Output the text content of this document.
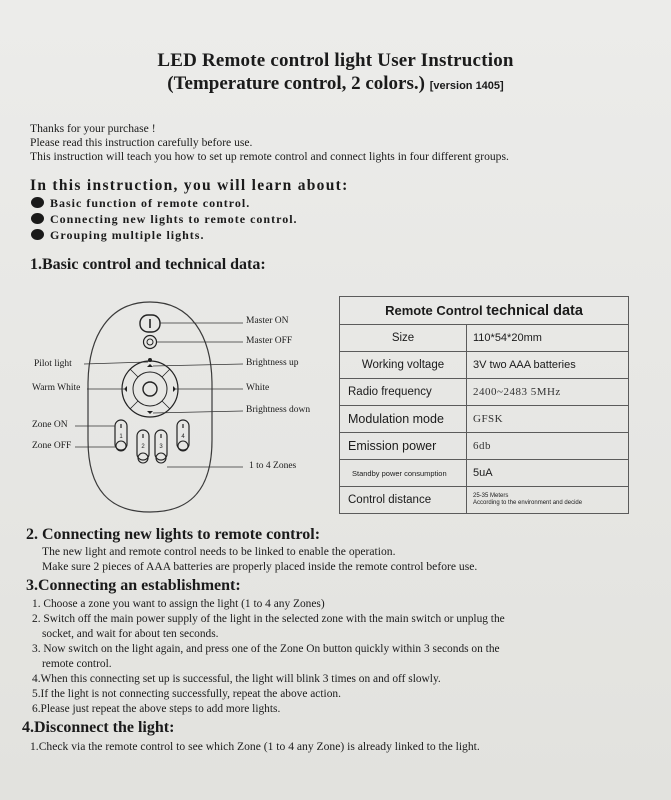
LED Remote control light User Instruction
(Temperature control, 2 colors.) [version 1405]
Thanks for your purchase !
Please read this instruction carefully before use.
This instruction will teach you how to set up remote control and connect lights in four different groups.
In this instruction, you will learn about:
Basic function of remote control.
Connecting new lights to remote control.
Grouping multiple lights.
1.Basic control and technical data:
1
2 3
4
Master ON
Master OFF
Pilot light	Brightness up
Warm White	White
Brightness down
Zone ON
Zone OFF
1 to 4 Zones
Remote Control technical data	
Size	110*54*20mm
Working voltage	3V two AAA batteries
Radio frequency	2400~2483 5MHz
Modulation mode	GFSK
Emission power	6db
Standby power consumption	5uA
Control distance	25-35 Meters
According to the environment and decide
2. Connecting new lights to remote control:
The new light and remote control needs to be linked to enable the operation.
Make sure 2 pieces of AAA batteries are properly placed inside the remote control before use.
3.Connecting an establishment:
1. Choose a zone you want to assign the light (1 to 4 any Zones)
2. Switch off the main power supply of the light in the selected zone with the main switch or unplug the
socket, and wait for about ten seconds.
3. Now switch on the light again, and press one of the Zone On button quickly within 3 seconds on the
remote control.
4.When this connecting set up is successful, the light will blink 3 times on and off slowly.
5.If the light is not connecting successfully, repeat the above action.
6.Please just repeat the above steps to add more lights.
4.Disconnect the light:
1.Check via the remote control to see which Zone (1 to 4 any Zone) is already linked to the light.
